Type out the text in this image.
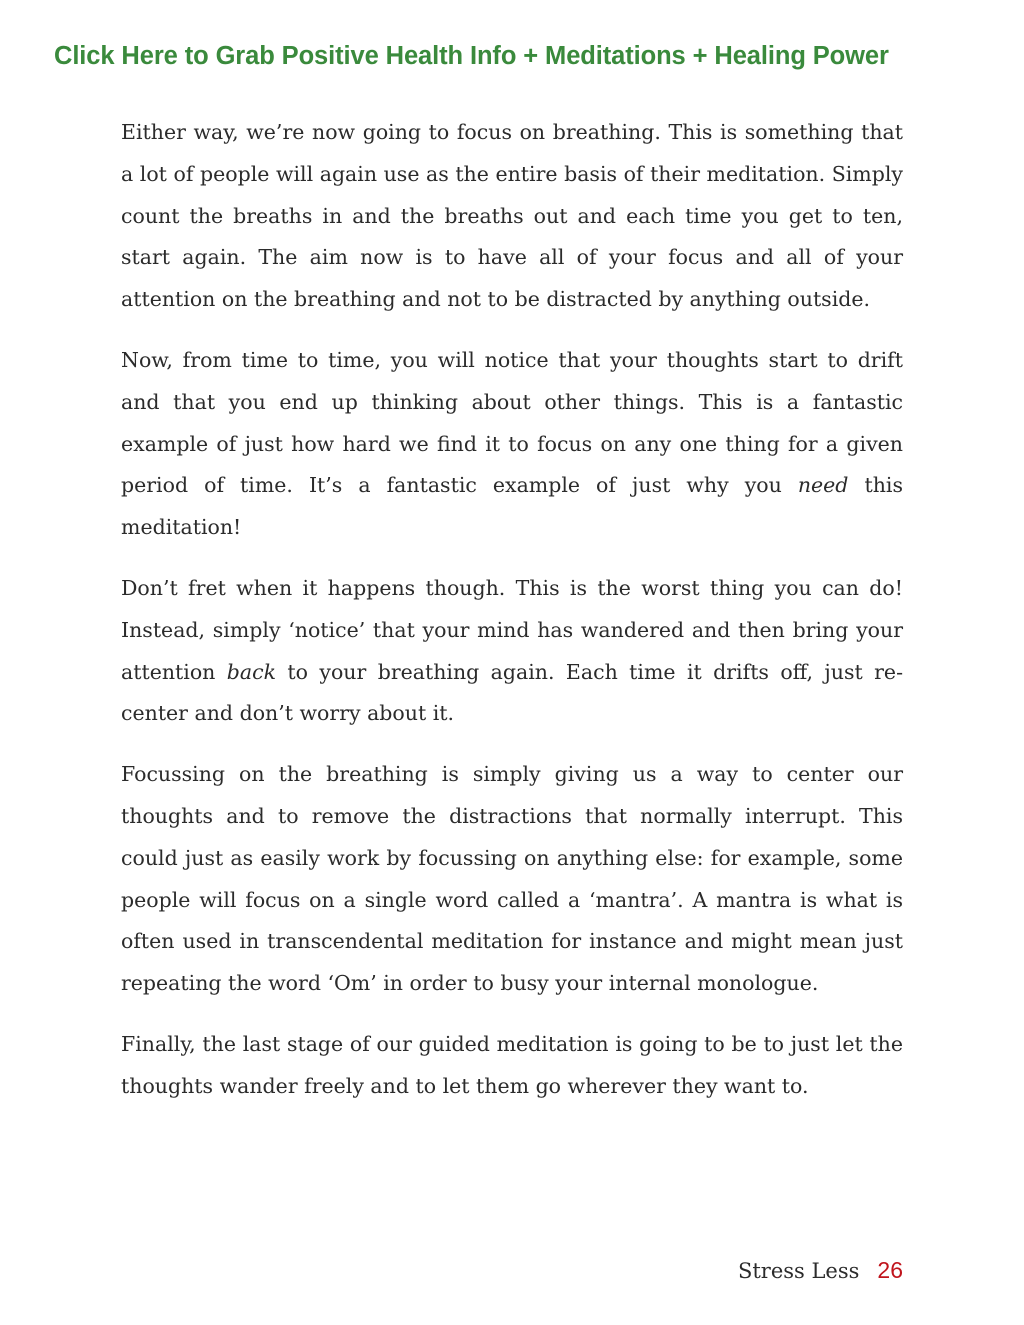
Click Here to Grab Positive Health Info + Meditations + Healing Power

Either way, we’re now going to focus on breathing. This is something that a lot of people will again use as the entire basis of their meditation. Simply count the breaths in and the breaths out and each time you get to ten, start again. The aim now is to have all of your focus and all of your attention on the breathing and not to be distracted by anything outside.

Now, from time to time, you will notice that your thoughts start to drift and that you end up thinking about other things. This is a fantastic example of just how hard we find it to focus on any one thing for a given period of time. It’s a fantastic example of just why you need this meditation!

Don’t fret when it happens though. This is the worst thing you can do! Instead, simply ‘notice’ that your mind has wandered and then bring your attention back to your breathing again. Each time it drifts off, just re-center and don’t worry about it.

Focussing on the breathing is simply giving us a way to center our thoughts and to remove the distractions that normally interrupt. This could just as easily work by focussing on anything else: for example, some people will focus on a single word called a ‘mantra’. A mantra is what is often used in transcendental meditation for instance and might mean just repeating the word ‘Om’ in order to busy your internal monologue.

Finally, the last stage of our guided meditation is going to be to just let the thoughts wander freely and to let them go wherever they want to.

Stress Less 26
